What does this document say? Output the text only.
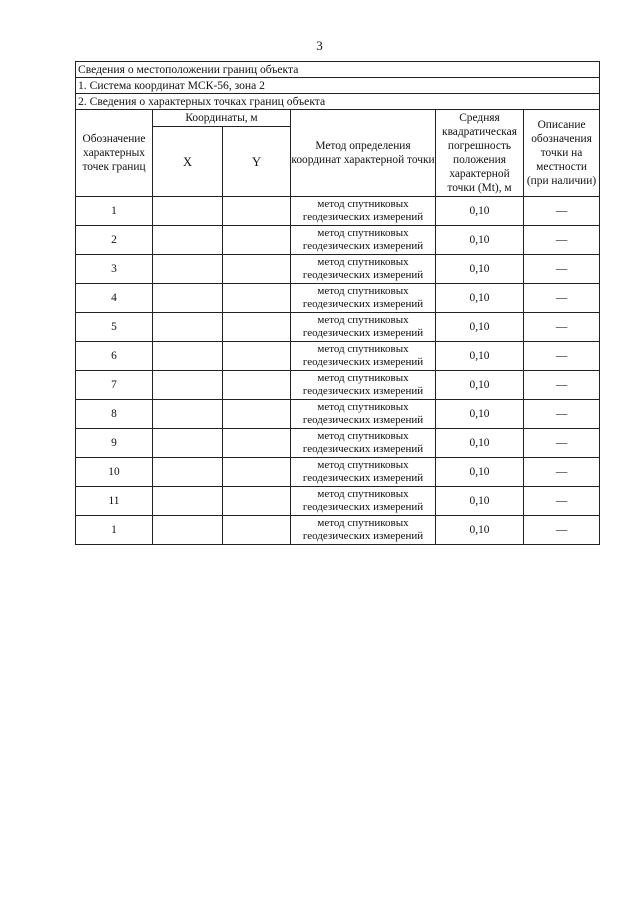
3
Сведения о местоположении границ объекта					
1. Система координат МСК-56, зона 2					
2. Сведения о характерных точках границ объекта					
Обозначение характерных точек границ	Координаты, м		Метод определения координат характерной точки	Средняя квадратическая погрешность положения характерной точки (Mt), м	Описание обозначения точки на местности (при наличии)
	X	Y			
1			метод спутниковых геодезических измерений	0,10	—
2			метод спутниковых геодезических измерений	0,10	—
3			метод спутниковых геодезических измерений	0,10	—
4			метод спутниковых геодезических измерений	0,10	—
5			метод спутниковых геодезических измерений	0,10	—
6			метод спутниковых геодезических измерений	0,10	—
7			метод спутниковых геодезических измерений	0,10	—
8			метод спутниковых геодезических измерений	0,10	—
9			метод спутниковых геодезических измерений	0,10	—
10			метод спутниковых геодезических измерений	0,10	—
11			метод спутниковых геодезических измерений	0,10	—
1			метод спутниковых геодезических измерений	0,10	—
